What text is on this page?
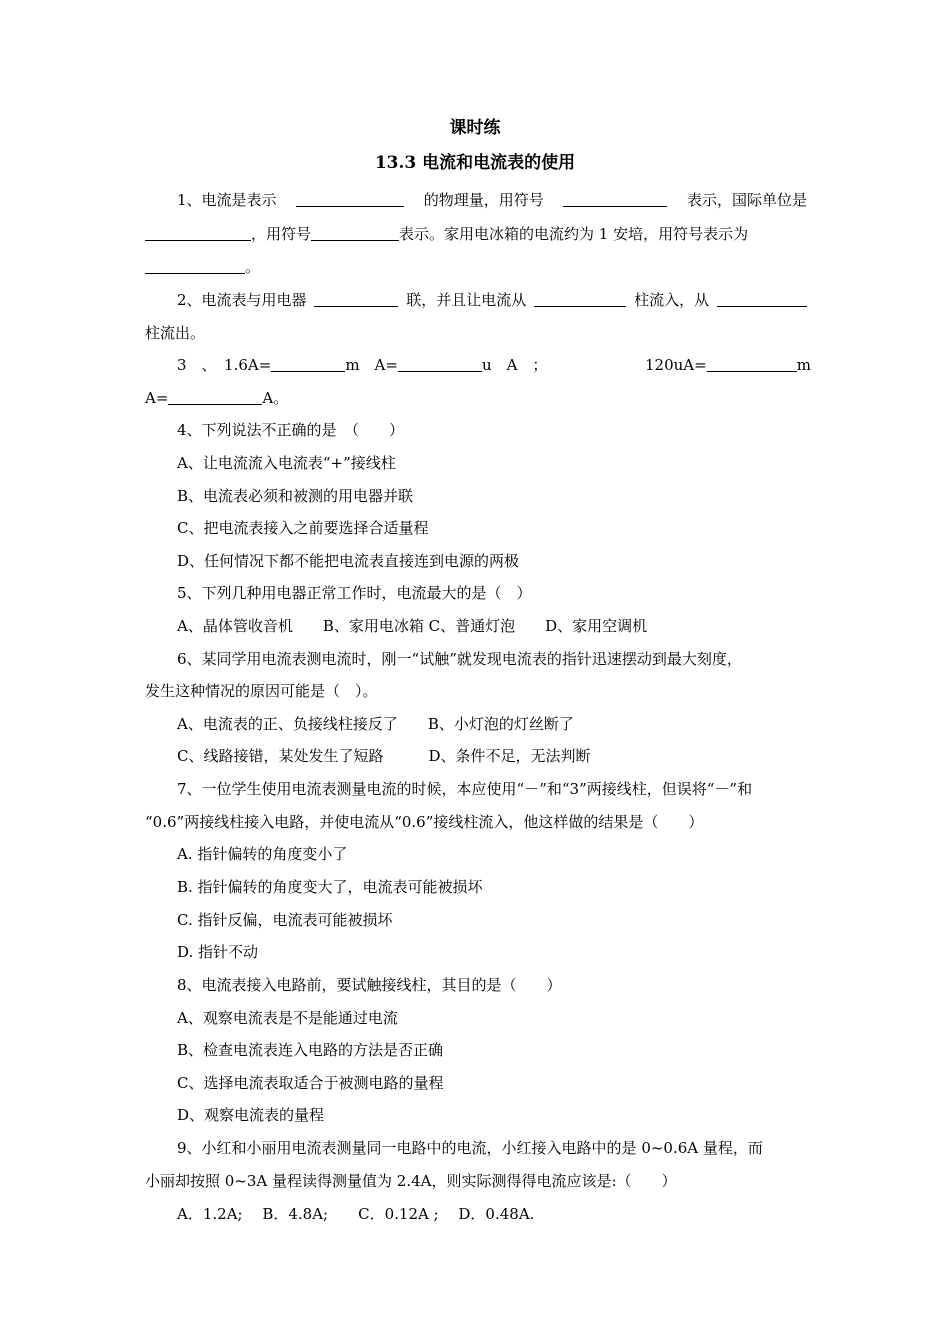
课时练
13.3 电流和电流表的使用
1、电流是表示	的物理量，用符号	表示，国际单位是
，用符号	表示。家用电冰箱的电流约为 1 安培，用符号表示为
。
2、电流表与用电器	联，并且让电流从	柱流入，从
柱流出。
3　、　1.6A=	m　A=	u　A　；	120uA=	m
A=	A。
4、下列说法不正确的是　（　　）
A、让电流流入电流表“+”接线柱
B、电流表必须和被测的用电器并联
C、把电流表接入之前要选择合适量程
D、任何情况下都不能把电流表直接连到电源的两极
5、下列几种用电器正常工作时，电流最大的是（　）
A、晶体管收音机　　B、家用电冰箱 C、普通灯泡　　D、家用空调机
6、某同学用电流表测电流时，刚一“试触”就发现电流表的指针迅速摆动到最大刻度，
发生这种情况的原因可能是（　）。
A、电流表的正、负接线柱接反了　　B、小灯泡的灯丝断了
C、线路接错，某处发生了短路　　　D、条件不足，无法判断
7、一位学生使用电流表测量电流的时候，本应使用“－”和“3”两接线柱，但误将“－”和
“0.6”两接线柱接入电路，并使电流从“0.6”接线柱流入，他这样做的结果是（　　）
A. 指针偏转的角度变小了
B. 指针偏转的角度变大了，电流表可能被损坏
C. 指针反偏，电流表可能被损坏
D. 指针不动
8、电流表接入电路前，要试触接线柱，其目的是（　　）
A、观察电流表是不是能通过电流
B、检查电流表连入电路的方法是否正确
C、选择电流表取适合于被测电路的量程
D、观察电流表的量程
9、小红和小丽用电流表测量同一电路中的电流，小红接入电路中的是 0~0.6A 量程，而
小丽却按照 0~3A 量程读得测量值为 2.4A，则实际测得得电流应该是:（　　）
A．1.2A;　 B．4.8A;　　C．0.12A ;　 D．0.48A.
